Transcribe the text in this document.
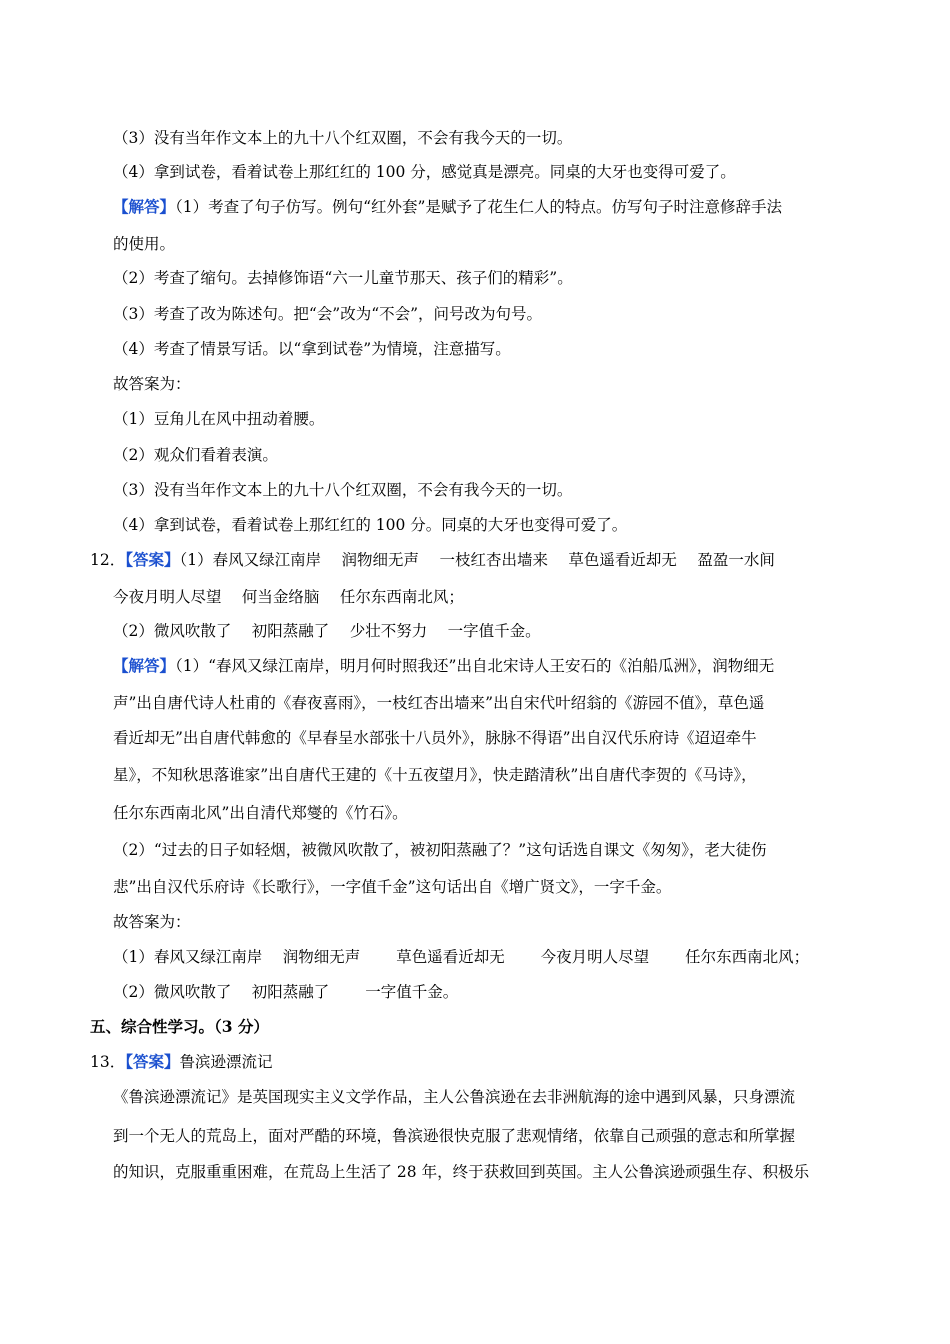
（3）没有当年作文本上的九十八个红双圈，不会有我今天的一切。
（4）拿到试卷，看着试卷上那红红的 100 分，感觉真是漂亮。同桌的大牙也变得可爱了。
【解答】（1）考查了句子仿写。例句“红外套”是赋予了花生仁人的特点。仿写句子时注意修辞手法
的使用。
（2）考查了缩句。去掉修饰语“六一儿童节那天、孩子们的精彩”。
（3）考查了改为陈述句。把“会”改为“不会”，问号改为句号。
（4）考查了情景写话。以“拿到试卷”为情境，注意描写。
故答案为：
（1）豆角儿在风中扭动着腰。
（2）观众们看着表演。
（3）没有当年作文本上的九十八个红双圈，不会有我今天的一切。
（4）拿到试卷，看着试卷上那红红的 100 分。同桌的大牙也变得可爱了。
12．【答案】（1）春风又绿江南岸　 润物细无声　 一枝红杏出墙来　 草色遥看近却无　 盈盈一水间
今夜月明人尽望　 何当金络脑　 任尔东西南北风；
（2）微风吹散了　 初阳蒸融了　 少壮不努力　 一字值千金。
【解答】（1）“春风又绿江南岸，明月何时照我还”出自北宋诗人王安石的《泊船瓜洲》，润物细无
声”出自唐代诗人杜甫的《春夜喜雨》，一枝红杏出墙来”出自宋代叶绍翁的《游园不值》，草色遥
看近却无”出自唐代韩愈的《早春呈水部张十八员外》，脉脉不得语”出自汉代乐府诗《迢迢牵牛
星》，不知秋思落谁家”出自唐代王建的《十五夜望月》，快走踏清秋”出自唐代李贺的《马诗》，
任尔东西南北风”出自清代郑燮的《竹石》。
（2）“过去的日子如轻烟，被微风吹散了，被初阳蒸融了？”这句话选自课文《匆匆》，老大徒伤
悲”出自汉代乐府诗《长歌行》，一字值千金”这句话出自《增广贤文》，一字千金。
故答案为：
（1）春风又绿江南岸　 润物细无声　　 草色遥看近却无　　 今夜月明人尽望　　 任尔东西南北风；
（2）微风吹散了　 初阳蒸融了　　 一字值千金。
五、综合性学习。（3 分）
13．【答案】鲁滨逊漂流记
《鲁滨逊漂流记》是英国现实主义文学作品，主人公鲁滨逊在去非洲航海的途中遇到风暴，只身漂流
到一个无人的荒岛上，面对严酷的环境，鲁滨逊很快克服了悲观情绪，依靠自己顽强的意志和所掌握
的知识，克服重重困难，在荒岛上生活了 28 年，终于获救回到英国。主人公鲁滨逊顽强生存、积极乐
